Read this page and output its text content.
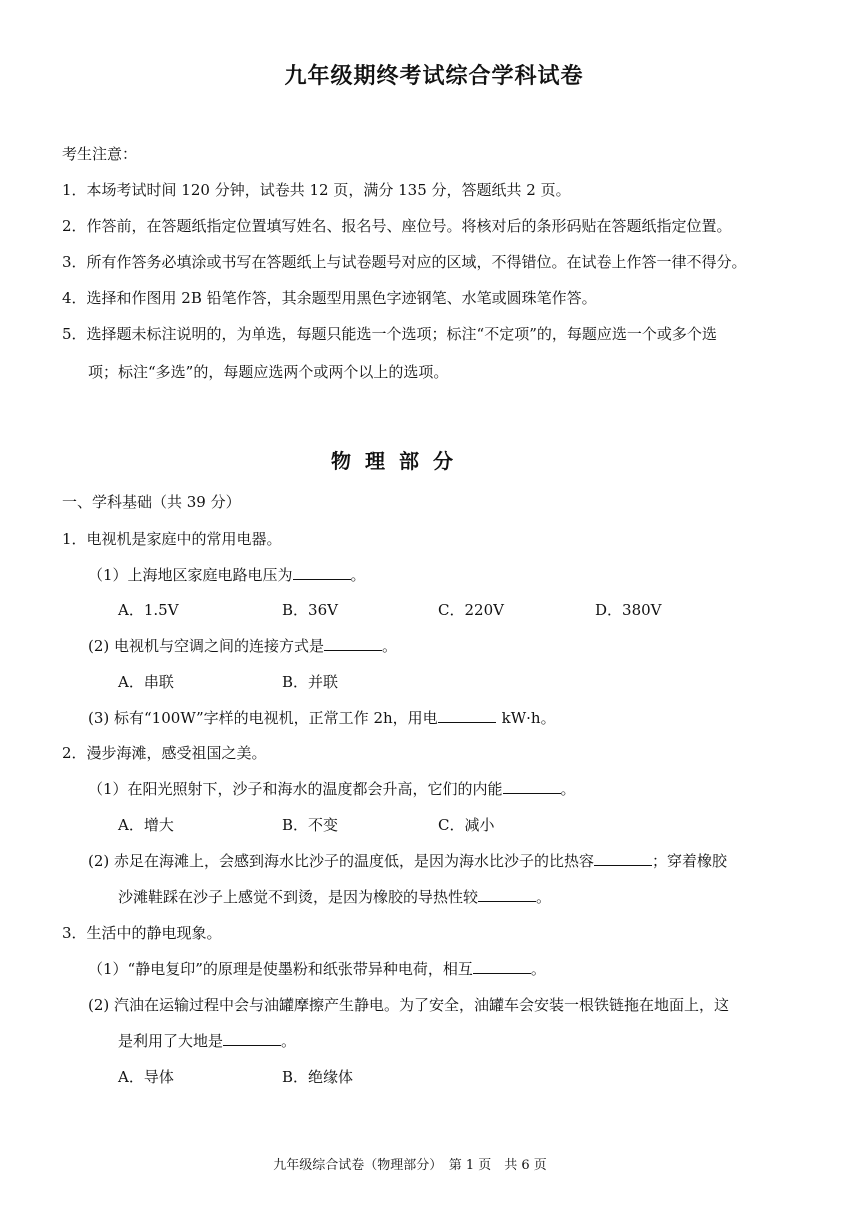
九年级期终考试综合学科试卷
考生注意：
1．本场考试时间 120 分钟，试卷共 12 页，满分 135 分，答题纸共 2 页。
2．作答前，在答题纸指定位置填写姓名、报名号、座位号。将核对后的条形码贴在答题纸指定位置。
3．所有作答务必填涂或书写在答题纸上与试卷题号对应的区域，不得错位。在试卷上作答一律不得分。
4．选择和作图用 2B 铅笔作答，其余题型用黑色字迹钢笔、水笔或圆珠笔作答。
5．选择题未标注说明的，为单选，每题只能选一个选项；标注“不定项”的，每题应选一个或多个选
项；标注“多选”的，每题应选两个或两个以上的选项。
物理部分
一、学科基础（共 39 分）
1．电视机是家庭中的常用电器。
（1）上海地区家庭电路电压为	。
A．1.5V	B．36V	C．220V	D．380V
(2) 电视机与空调之间的连接方式是	。
A．串联	B．并联
(3) 标有“100W”字样的电视机，正常工作 2h，用电	kW·h。
2．漫步海滩，感受祖国之美。
（1）在阳光照射下，沙子和海水的温度都会升高，它们的内能	。
A．增大	B．不变	C．减小
(2) 赤足在海滩上，会感到海水比沙子的温度低，是因为海水比沙子的比热容	；穿着橡胶
沙滩鞋踩在沙子上感觉不到烫，是因为橡胶的导热性较	。
3．生活中的静电现象。
（1）“静电复印”的原理是使墨粉和纸张带异种电荷，相互	。
(2) 汽油在运输过程中会与油罐摩擦产生静电。为了安全，油罐车会安装一根铁链拖在地面上，这
是利用了大地是	。
A．导体	B．绝缘体
九年级综合试卷（物理部分）　第 1 页　共 6 页
